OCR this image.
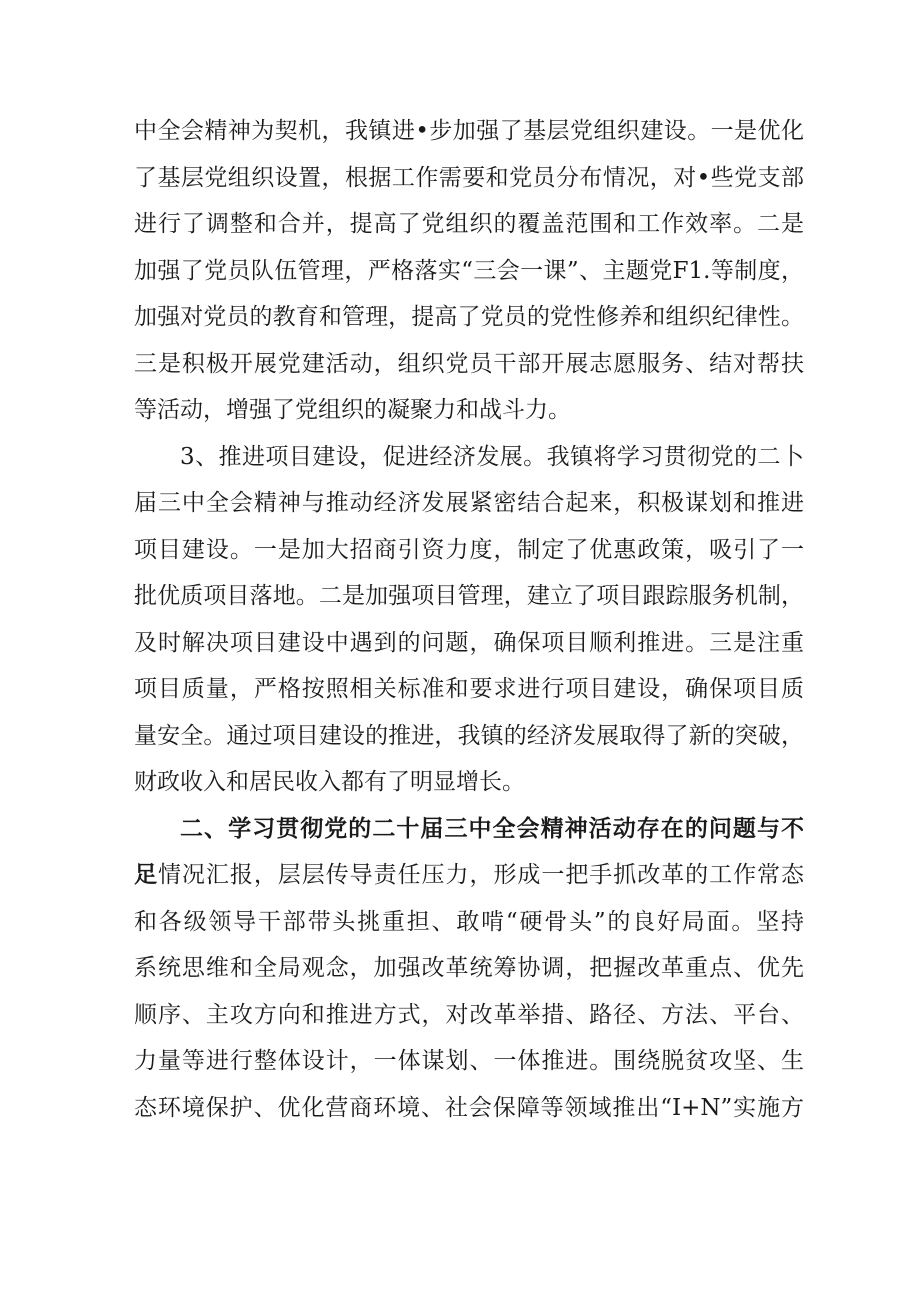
中全会精神为契机，我镇进•步加强了基层党组织建设。一是优化
了基层党组织设置，根据工作需要和党员分布情况，对•些党支部
进行了调整和合并，提高了党组织的覆盖范围和工作效率。二是
加强了党员队伍管理，严格落实“三会一课”、主题党F1.等制度，
加强对党员的教育和管理，提高了党员的党性修养和组织纪律性。
三是积极开展党建活动，组织党员干部开展志愿服务、结对帮扶
等活动，增强了党组织的凝聚力和战斗力。
3、推进项目建设，促进经济发展。我镇将学习贯彻党的二卜
届三中全会精神与推动经济发展紧密结合起来，积极谋划和推进
项目建设。一是加大招商引资力度，制定了优惠政策，吸引了一
批优质项目落地。二是加强项目管理，建立了项目跟踪服务机制，
及时解决项目建设中遇到的问题，确保项目顺利推进。三是注重
项目质量，严格按照相关标准和要求进行项目建设，确保项目质
量安全。通过项目建设的推进，我镇的经济发展取得了新的突破，
财政收入和居民收入都有了明显增长。
二、学习贯彻党的二十届三中全会精神活动存在的问题与不
足情况汇报，层层传导责任压力，形成一把手抓改革的工作常态
和各级领导干部带头挑重担、敢啃“硬骨头”的良好局面。坚持
系统思维和全局观念，加强改革统筹协调，把握改革重点、优先
顺序、主攻方向和推进方式，对改革举措、路径、方法、平台、
力量等进行整体设计，一体谋划、一体推进。围绕脱贫攻坚、生
态环境保护、优化营商环境、社会保障等领域推出“I+N”实施方
